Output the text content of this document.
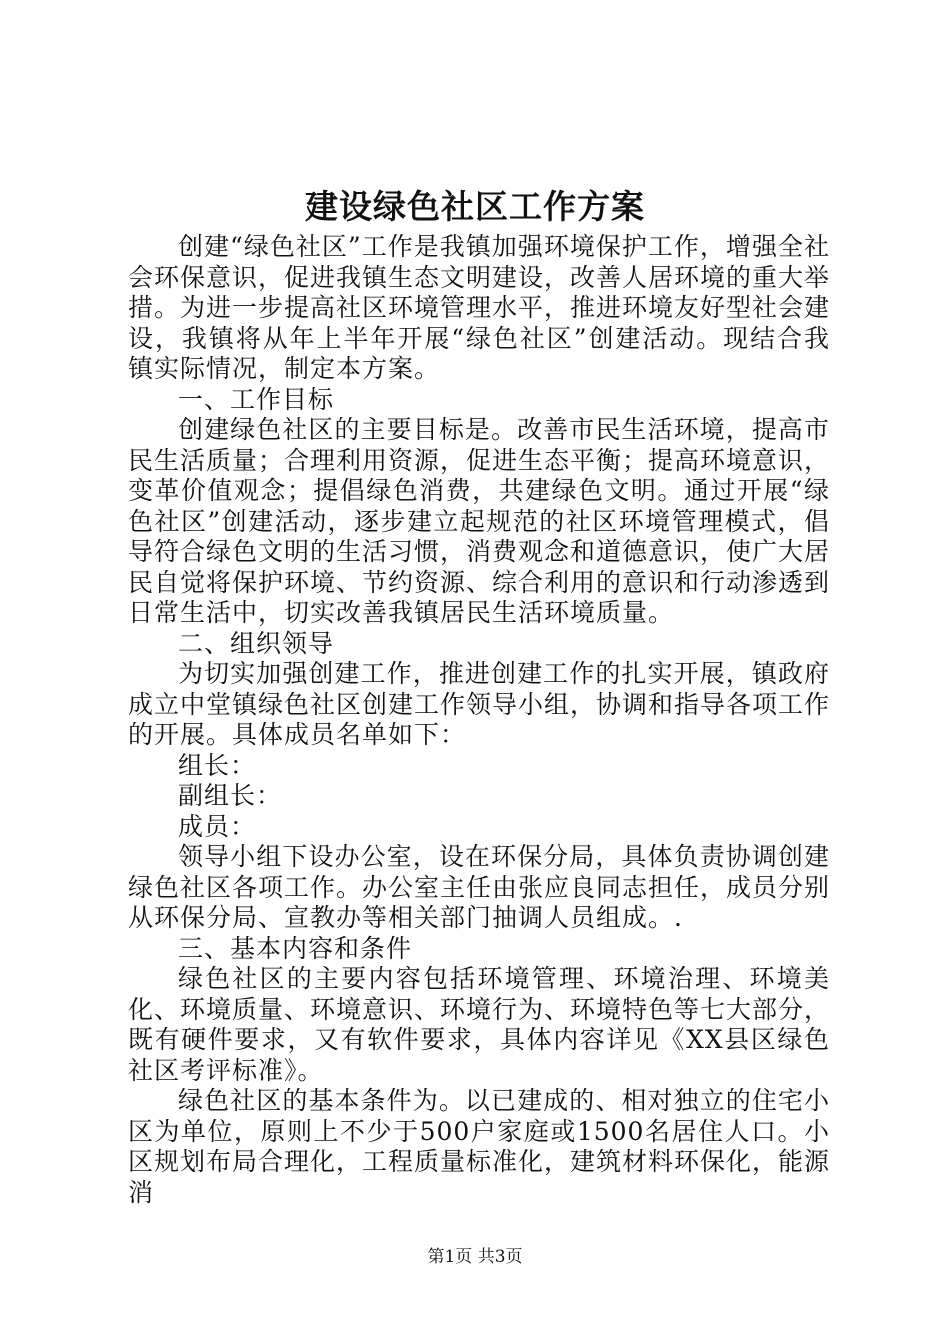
建设绿色社区工作方案

创建“绿色社区”工作是我镇加强环境保护工作，增强全社会环保意识，促进我镇生态文明建设，改善人居环境的重大举措。为进一步提高社区环境管理水平，推进环境友好型社会建设，我镇将从年上半年开展“绿色社区”创建活动。现结合我镇实际情况，制定本方案。

一、工作目标

创建绿色社区的主要目标是。改善市民生活环境，提高市民生活质量；合理利用资源，促进生态平衡；提高环境意识，变革价值观念；提倡绿色消费，共建绿色文明。通过开展“绿色社区”创建活动，逐步建立起规范的社区环境管理模式，倡导符合绿色文明的生活习惯，消费观念和道德意识，使广大居民自觉将保护环境、节约资源、综合利用的意识和行动渗透到日常生活中，切实改善我镇居民生活环境质量。

二、组织领导

为切实加强创建工作，推进创建工作的扎实开展，镇政府成立中堂镇绿色社区创建工作领导小组，协调和指导各项工作的开展。具体成员名单如下：

组长：

副组长：

成员：

领导小组下设办公室，设在环保分局，具体负责协调创建绿色社区各项工作。办公室主任由张应良同志担任，成员分别从环保分局、宣教办等相关部门抽调人员组成。.

三、基本内容和条件

绿色社区的主要内容包括环境管理、环境治理、环境美化、环境质量、环境意识、环境行为、环境特色等七大部分，既有硬件要求，又有软件要求，具体内容详见《XX县区绿色社区考评标准》。

绿色社区的基本条件为。以已建成的、相对独立的住宅小区为单位，原则上不少于500户家庭或1500名居住人口。小区规划布局合理化，工程质量标准化，建筑材料环保化，能源消

第1页 共3页
